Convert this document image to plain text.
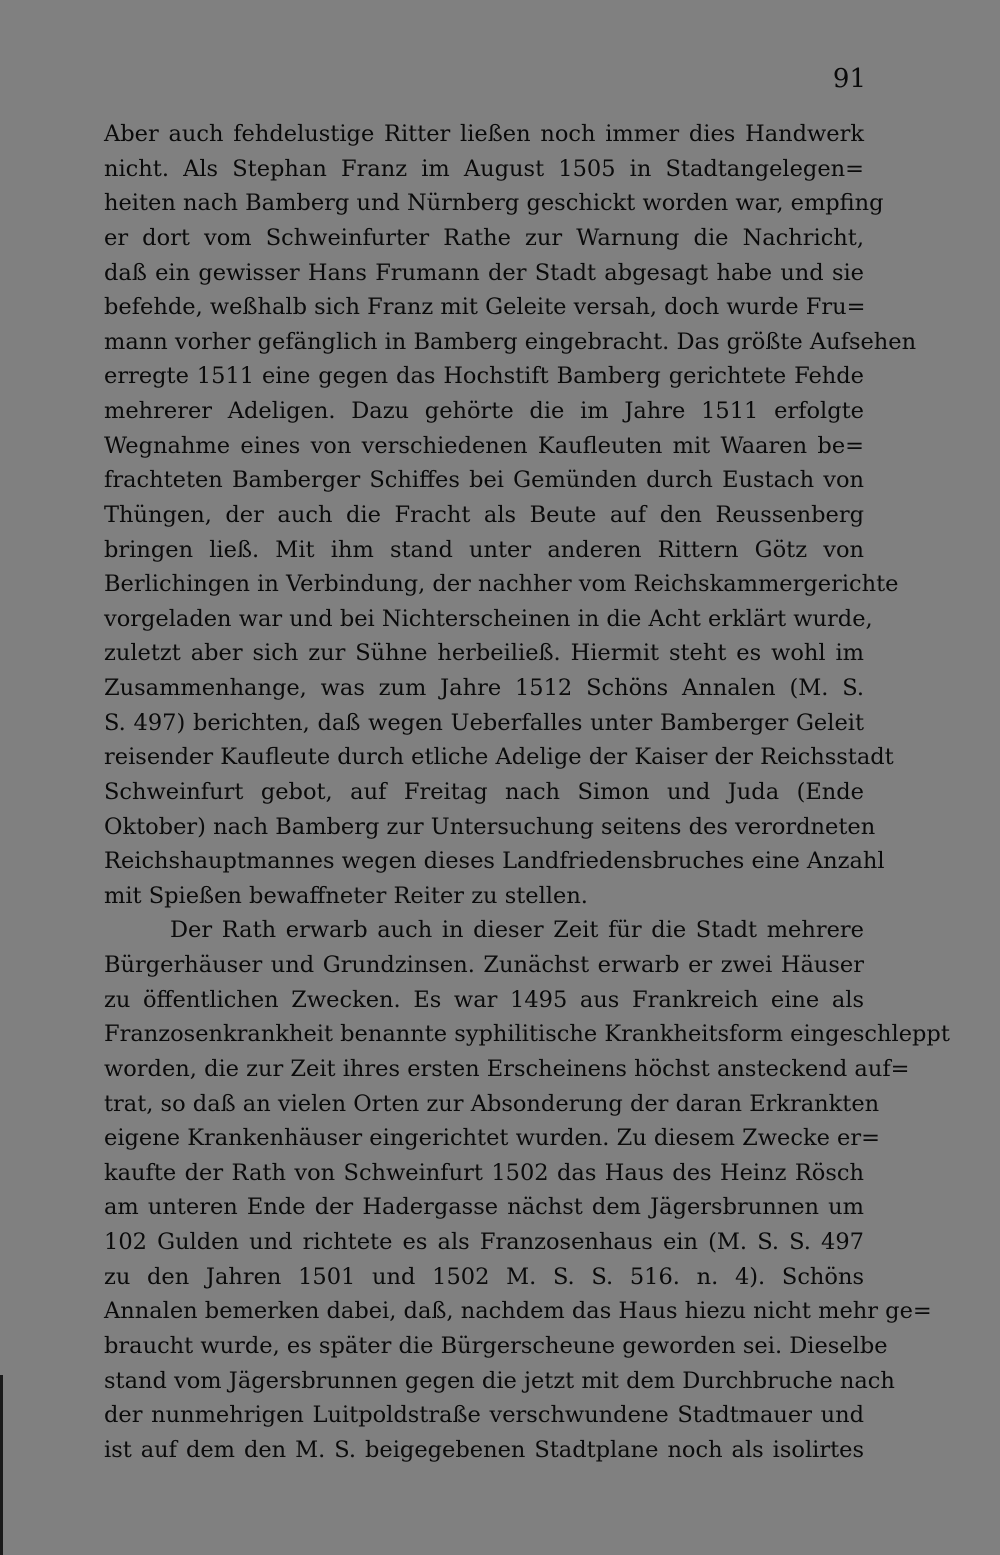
91
Aber auch fehdelustige Ritter ließen noch immer dies Handwerk
nicht. Als Stephan Franz im August 1505 in Stadtangelegen=
heiten nach Bamberg und Nürnberg geschickt worden war, empfing
er dort vom Schweinfurter Rathe zur Warnung die Nachricht,
daß ein gewisser Hans Frumann der Stadt abgesagt habe und sie
befehde, weßhalb sich Franz mit Geleite versah, doch wurde Fru=
mann vorher gefänglich in Bamberg eingebracht. Das größte Aufsehen
erregte 1511 eine gegen das Hochstift Bamberg gerichtete Fehde
mehrerer Adeligen. Dazu gehörte die im Jahre 1511 erfolgte
Wegnahme eines von verschiedenen Kaufleuten mit Waaren be=
frachteten Bamberger Schiffes bei Gemünden durch Eustach von
Thüngen, der auch die Fracht als Beute auf den Reussenberg
bringen ließ. Mit ihm stand unter anderen Rittern Götz von
Berlichingen in Verbindung, der nachher vom Reichskammergerichte
vorgeladen war und bei Nichterscheinen in die Acht erklärt wurde,
zuletzt aber sich zur Sühne herbeiließ. Hiermit steht es wohl im
Zusammenhange, was zum Jahre 1512 Schöns Annalen (M. S.
S. 497) berichten, daß wegen Ueberfalles unter Bamberger Geleit
reisender Kaufleute durch etliche Adelige der Kaiser der Reichsstadt
Schweinfurt gebot, auf Freitag nach Simon und Juda (Ende
Oktober) nach Bamberg zur Untersuchung seitens des verordneten
Reichshauptmannes wegen dieses Landfriedensbruches eine Anzahl
mit Spießen bewaffneter Reiter zu stellen.
Der Rath erwarb auch in dieser Zeit für die Stadt mehrere
Bürgerhäuser und Grundzinsen. Zunächst erwarb er zwei Häuser
zu öffentlichen Zwecken. Es war 1495 aus Frankreich eine als
Franzosenkrankheit benannte syphilitische Krankheitsform eingeschleppt
worden, die zur Zeit ihres ersten Erscheinens höchst ansteckend auf=
trat, so daß an vielen Orten zur Absonderung der daran Erkrankten
eigene Krankenhäuser eingerichtet wurden. Zu diesem Zwecke er=
kaufte der Rath von Schweinfurt 1502 das Haus des Heinz Rösch
am unteren Ende der Hadergasse nächst dem Jägersbrunnen um
102 Gulden und richtete es als Franzosenhaus ein (M. S. S. 497
zu den Jahren 1501 und 1502 M. S. S. 516. n. 4). Schöns
Annalen bemerken dabei, daß, nachdem das Haus hiezu nicht mehr ge=
braucht wurde, es später die Bürgerscheune geworden sei. Dieselbe
stand vom Jägersbrunnen gegen die jetzt mit dem Durchbruche nach
der nunmehrigen Luitpoldstraße verschwundene Stadtmauer und
ist auf dem den M. S. beigegebenen Stadtplane noch als isolirtes
